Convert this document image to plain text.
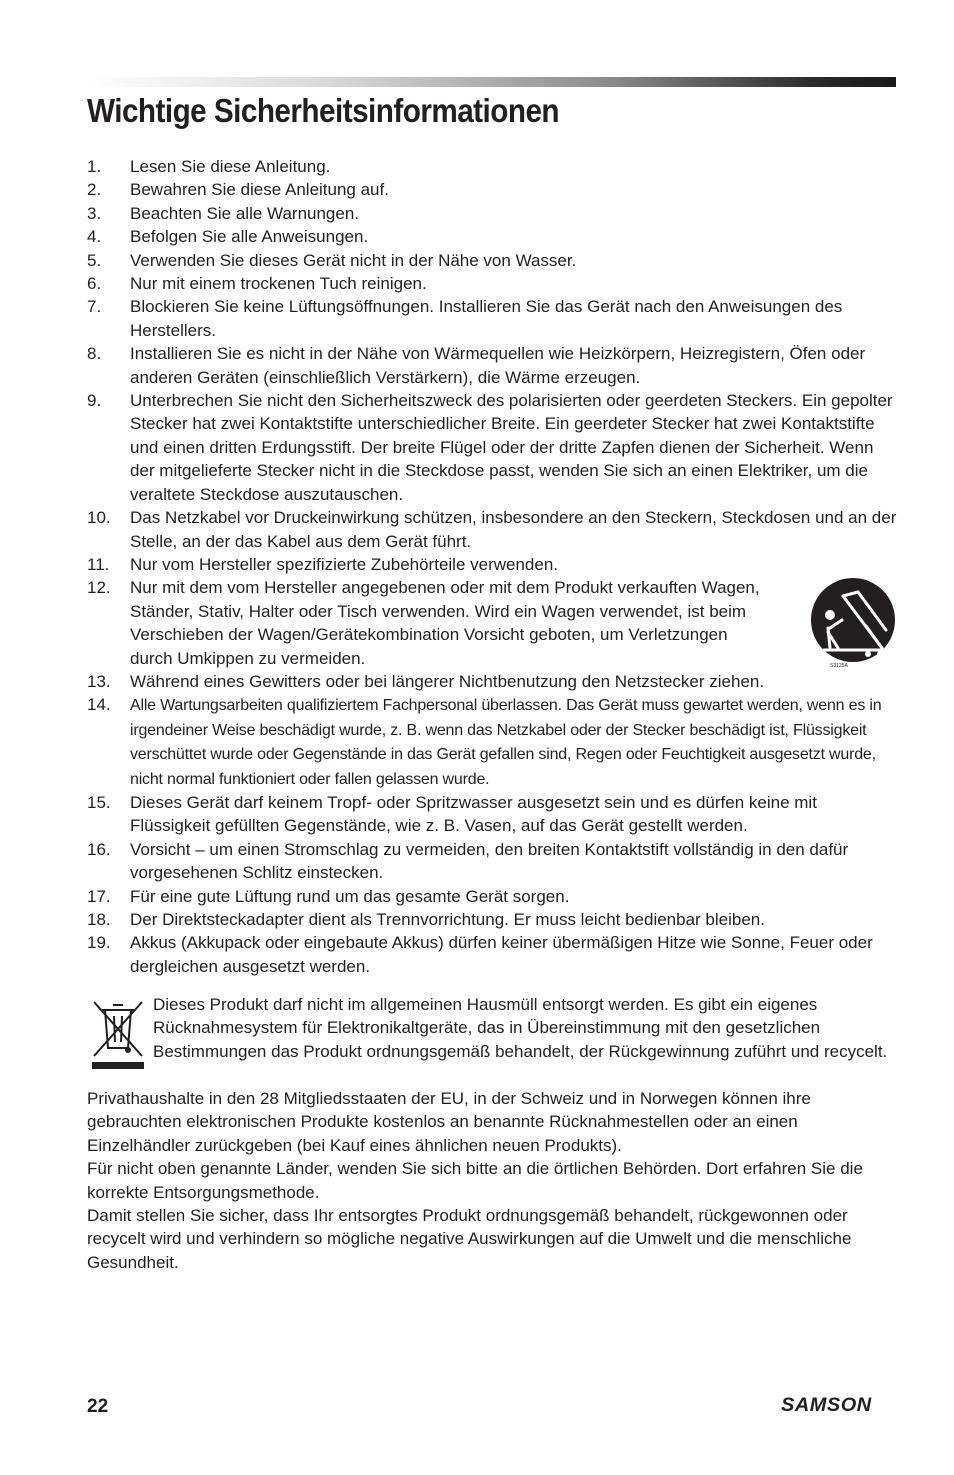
Wichtige Sicherheitsinformationen
1. Lesen Sie diese Anleitung.
2. Bewahren Sie diese Anleitung auf.
3. Beachten Sie alle Warnungen.
4. Befolgen Sie alle Anweisungen.
5. Verwenden Sie dieses Gerät nicht in der Nähe von Wasser.
6. Nur mit einem trockenen Tuch reinigen.
7. Blockieren Sie keine Lüftungsöffnungen. Installieren Sie das Gerät nach den Anweisungen des Herstellers.
8. Installieren Sie es nicht in der Nähe von Wärmequellen wie Heizkörpern, Heizregistern, Öfen oder anderen Geräten (einschließlich Verstärkern), die Wärme erzeugen.
9. Unterbrechen Sie nicht den Sicherheitszweck des polarisierten oder geerdeten Steckers. Ein gepolter Stecker hat zwei Kontaktstifte unterschiedlicher Breite. Ein geerdeter Stecker hat zwei Kontaktstifte und einen dritten Erdungsstift. Der breite Flügel oder der dritte Zapfen dienen der Sicherheit. Wenn der mitgelieferte Stecker nicht in die Steckdose passt, wenden Sie sich an einen Elektriker, um die veraltete Steckdose auszutauschen.
10. Das Netzkabel vor Druckeinwirkung schützen, insbesondere an den Steckern, Steckdosen und an der Stelle, an der das Kabel aus dem Gerät führt.
11. Nur vom Hersteller spezifizierte Zubehörteile verwenden.
12. Nur mit dem vom Hersteller angegebenen oder mit dem Produkt verkauften Wagen, Ständer, Stativ, Halter oder Tisch verwenden. Wird ein Wagen verwendet, ist beim Verschieben der Wagen/Gerätekombination Vorsicht geboten, um Verletzungen durch Umkippen zu vermeiden.
13. Während eines Gewitters oder bei längerer Nichtbenutzung den Netzstecker ziehen.
14. Alle Wartungsarbeiten qualifiziertem Fachpersonal überlassen. Das Gerät muss gewartet werden, wenn es in irgendeiner Weise beschädigt wurde, z. B. wenn das Netzkabel oder der Stecker beschädigt ist, Flüssigkeit verschüttet wurde oder Gegenstände in das Gerät gefallen sind, Regen oder Feuchtigkeit ausgesetzt wurde, nicht normal funktioniert oder fallen gelassen wurde.
15. Dieses Gerät darf keinem Tropf- oder Spritzwasser ausgesetzt sein und es dürfen keine mit Flüssigkeit gefüllten Gegenstände, wie z. B. Vasen, auf das Gerät gestellt werden.
16. Vorsicht – um einen Stromschlag zu vermeiden, den breiten Kontaktstift vollständig in den dafür vorgesehenen Schlitz einstecken.
17. Für eine gute Lüftung rund um das gesamte Gerät sorgen.
18. Der Direktsteckadapter dient als Trennvorrichtung. Er muss leicht bedienbar bleiben.
19. Akkus (Akkupack oder eingebaute Akkus) dürfen keiner übermäßigen Hitze wie Sonne, Feuer oder dergleichen ausgesetzt werden.
S3125A

Dieses Produkt darf nicht im allgemeinen Hausmüll entsorgt werden. Es gibt ein eigenes Rücknahmesystem für Elektronikaltgeräte, das in Übereinstimmung mit den gesetzlichen Bestimmungen das Produkt ordnungsgemäß behandelt, der Rückgewinnung zuführt und recycelt.

Privathaushalte in den 28 Mitgliedsstaaten der EU, in der Schweiz und in Norwegen können ihre gebrauchten elektronischen Produkte kostenlos an benannte Rücknahmestellen oder an einen Einzelhändler zurückgeben (bei Kauf eines ähnlichen neuen Produkts).

Für nicht oben genannte Länder, wenden Sie sich bitte an die örtlichen Behörden. Dort erfahren Sie die korrekte Entsorgungsmethode.

Damit stellen Sie sicher, dass Ihr entsorgtes Produkt ordnungsgemäß behandelt, rückgewonnen oder recycelt wird und verhindern so mögliche negative Auswirkungen auf die Umwelt und die menschliche Gesundheit.

22	SAMSON
